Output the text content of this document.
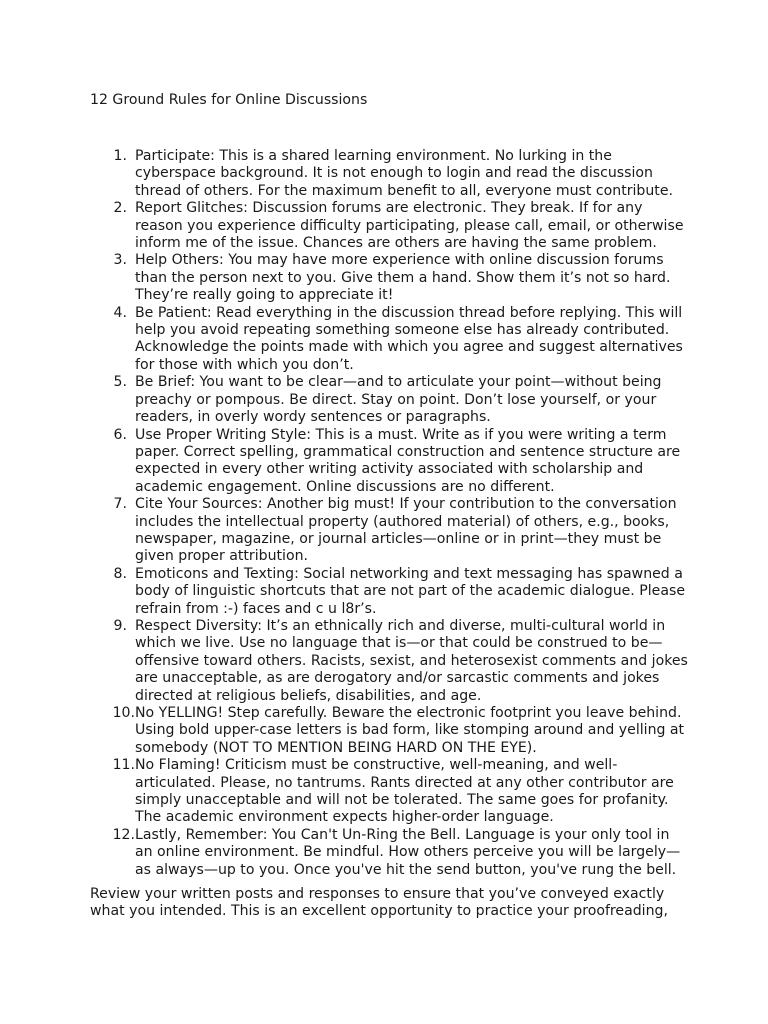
12 Ground Rules for Online Discussions
1. Participate: This is a shared learning environment. No lurking in the
cyberspace background. It is not enough to login and read the discussion
thread of others. For the maximum benefit to all, everyone must contribute.
2. Report Glitches: Discussion forums are electronic. They break. If for any
reason you experience difficulty participating, please call, email, or otherwise
inform me of the issue. Chances are others are having the same problem.
3. Help Others: You may have more experience with online discussion forums
than the person next to you. Give them a hand. Show them it’s not so hard.
They’re really going to appreciate it!
4. Be Patient: Read everything in the discussion thread before replying. This will
help you avoid repeating something someone else has already contributed.
Acknowledge the points made with which you agree and suggest alternatives
for those with which you don’t.
5. Be Brief: You want to be clear—and to articulate your point—without being
preachy or pompous. Be direct. Stay on point. Don’t lose yourself, or your
readers, in overly wordy sentences or paragraphs.
6. Use Proper Writing Style: This is a must. Write as if you were writing a term
paper. Correct spelling, grammatical construction and sentence structure are
expected in every other writing activity associated with scholarship and
academic engagement. Online discussions are no different.
7. Cite Your Sources: Another big must! If your contribution to the conversation
includes the intellectual property (authored material) of others, e.g., books,
newspaper, magazine, or journal articles—online or in print—they must be
given proper attribution.
8. Emoticons and Texting: Social networking and text messaging has spawned a
body of linguistic shortcuts that are not part of the academic dialogue. Please
refrain from :-) faces and c u l8r’s.
9. Respect Diversity: It’s an ethnically rich and diverse, multi-cultural world in
which we live. Use no language that is—or that could be construed to be—
offensive toward others. Racists, sexist, and heterosexist comments and jokes
are unacceptable, as are derogatory and/or sarcastic comments and jokes
directed at religious beliefs, disabilities, and age.
10. No YELLING! Step carefully. Beware the electronic footprint you leave behind.
Using bold upper-case letters is bad form, like stomping around and yelling at
somebody (NOT TO MENTION BEING HARD ON THE EYE).
11. No Flaming! Criticism must be constructive, well-meaning, and well-
articulated. Please, no tantrums. Rants directed at any other contributor are
simply unacceptable and will not be tolerated. The same goes for profanity.
The academic environment expects higher-order language.
12. Lastly, Remember: You Can't Un-Ring the Bell. Language is your only tool in
an online environment. Be mindful. How others perceive you will be largely—
as always—up to you. Once you've hit the send button, you've rung the bell.

Review your written posts and responses to ensure that you’ve conveyed exactly
what you intended. This is an excellent opportunity to practice your proofreading,
